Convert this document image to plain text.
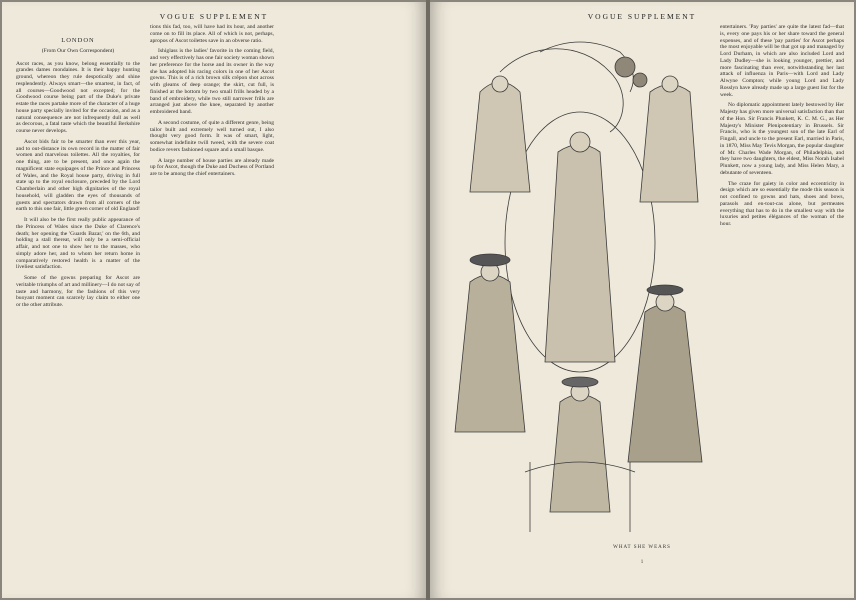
VOGUE SUPPLEMENT
LONDON
(From Our Own Correspondent)

Ascot races, as you know, belong essentially to the grandes dames mondaines. It is their happy hunting ground, whereon they rule despotically and shine resplendently. Always smart—the smartest, in fact, of all courses—Goodwood not excepted; for the Goodwood course being part of the Duke's private estate the races partake more of the character of a huge house party specially invited for the occasion, and as a natural consequence are not infrequently dull as well as decorous, a fatal taste which the beautiful Berkshire course never develops.

Ascot bids fair to be smarter than ever this year, and to out-distance its own record in the matter of fair women and marvelous toilettes. All the royalties, for one thing, are to be present, and once again the magnificent state equipages of the Prince and Princess of Wales, and the Royal house party, driving in full state up to the royal enclosure, preceded by the Lord Chamberlain and other high dignitaries of the royal household, will gladden the eyes of thousands of guests and spectators drawn from all corners of the earth to this one fair, little green corner of old England!

It will also be the first really public appearance of the Princess of Wales since the Duke of Clarence's death; her opening the 'Guards Bazar,' on the 6th, and holding a stall thereat, will only be a semi-official affair, and not one to show her to the masses, who simply adore her, and to whom her return home in comparatively restored health is a matter of the liveliest satisfaction.

Some of the gowns preparing for Ascot are veritable triumphs of art and millinery—I do not say of taste and harmony, for the fashions of this very buoyant moment can scarcely lay claim to either one or the other attribute.

tions this fad, too, will have had its hour, and another come on to fill its place. All of which is not, perhaps, apropos of Ascot toilettes save in an obverse ratio.

Ishiglass is the ladies' favorite in the coming field, and very effectively has one fair society woman shown her preference for the horse and its owner in the way she has adopted his racing colors in one of her Ascot gowns. This is of a rich brown silk crêpon shot across with gleams of deep orange; the skirt, cut full, is finished at the bottom by two small frills headed by a band of embroidery, while two still narrower frills are arranged just above the knee, separated by another embroidered band.

A second costume, of quite a different genre, being tailor built and extremely well turned out, I also thought very good form. It was of smart, light, somewhat indefinite twill tweed, with the severe coat bodice revers fashioned square and a small basque.

A large number of house parties are already made up for Ascot, though the Duke and Duchess of Portland are to be among the chief entertainers.

VOGUE SUPPLEMENT

entertainers. 'Pay parties' are quite the latest fad—that is, every one pays his or her share toward the general expenses, and of these 'pay parties' for Ascot perhaps the most enjoyable will be that got up and managed by Lord Durham, in which are also included Lord and Lady Dudley—she is looking younger, prettier, and more fascinating than ever, notwithstanding her last attack of influenza in Paris—with Lord and Lady Alwyne Compton; while young Lord and Lady Rosslyn have already made up a large guest list for the week.

No diplomatic appointment lately bestowed by Her Majesty has given more universal satisfaction than that of the Hon. Sir Francis Plunkett, K. C. M. G., as Her Majesty's Minister Plenipotentiary in Brussels. Sir Francis, who is the youngest son of the late Earl of Fingall, and uncle to the present Earl, married in Paris, in 1870, Miss May Tevis Morgan, the popular daughter of Mr. Charles Wade Morgan, of Philadelphia, and they have two daughters, the eldest, Miss Norah Isabel Plunkett, now a young lady, and Miss Helen Mary, a debutante of seventeen.

The craze for gaiety in color and eccentricity in design which are so essentially the mode this season is not confined to gowns and hats, shoes and bows, parasols and en-tout-cas alone, but permeates everything that has to do in the smallest way with the luxuries and petites élégances of the woman of the hour.

WHAT SHE WEARS
1
